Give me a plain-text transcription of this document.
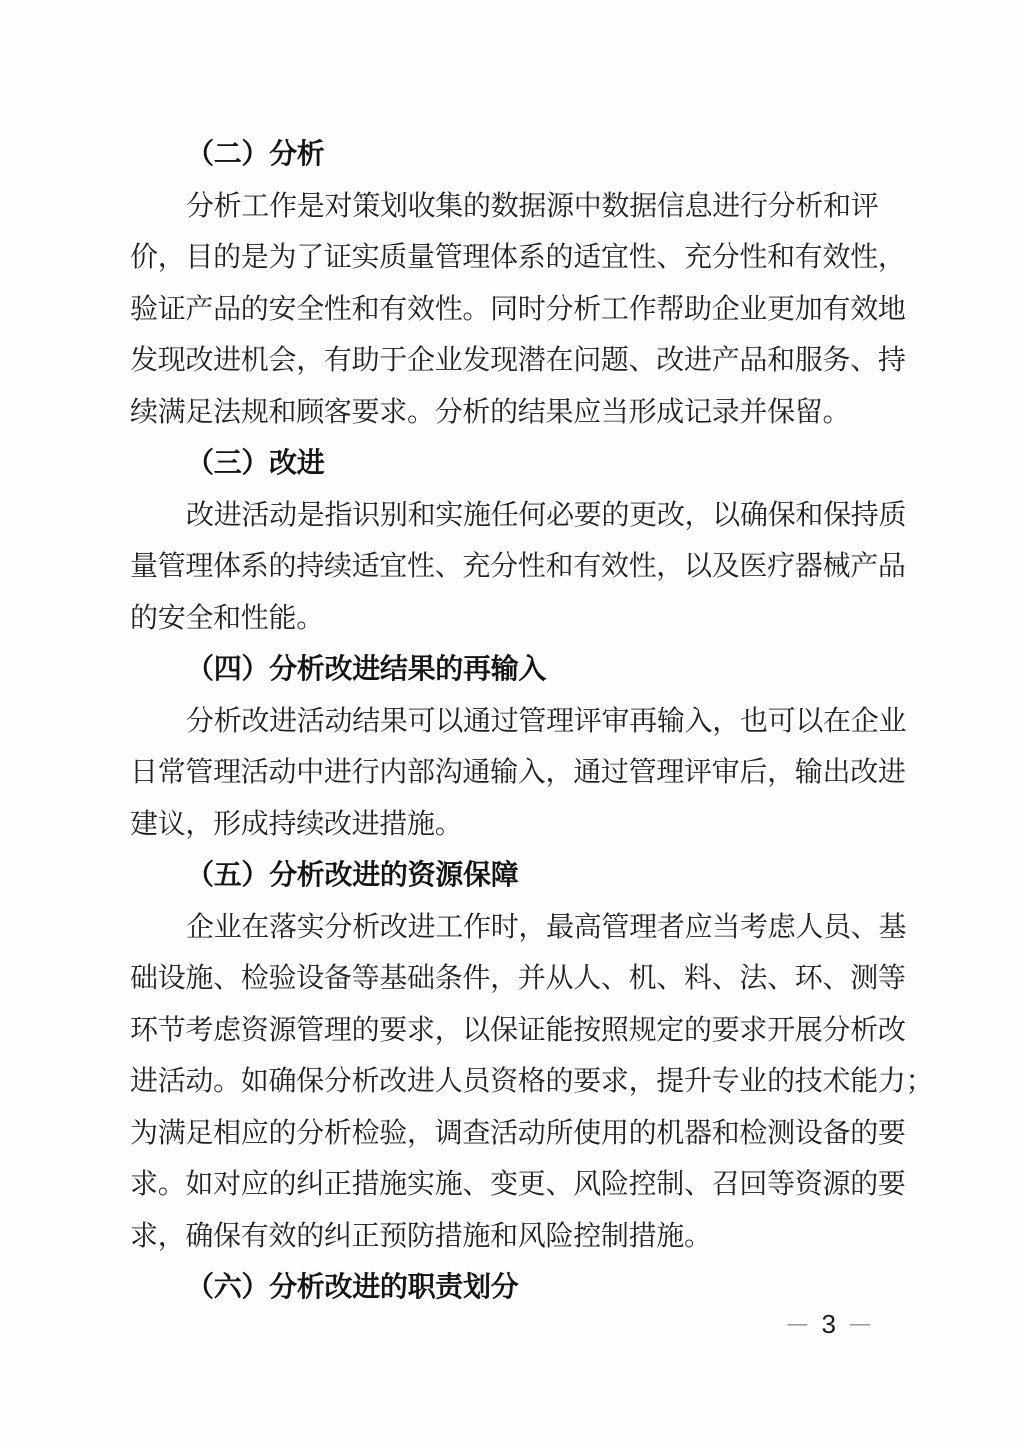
（二）分析
分析工作是对策划收集的数据源中数据信息进行分析和评
价，目的是为了证实质量管理体系的适宜性、充分性和有效性，
验证产品的安全性和有效性。同时分析工作帮助企业更加有效地
发现改进机会，有助于企业发现潜在问题、改进产品和服务、持
续满足法规和顾客要求。分析的结果应当形成记录并保留。
（三）改进
改进活动是指识别和实施任何必要的更改，以确保和保持质
量管理体系的持续适宜性、充分性和有效性，以及医疗器械产品
的安全和性能。
（四）分析改进结果的再输入
分析改进活动结果可以通过管理评审再输入，也可以在企业
日常管理活动中进行内部沟通输入，通过管理评审后，输出改进
建议，形成持续改进措施。
（五）分析改进的资源保障
企业在落实分析改进工作时，最高管理者应当考虑人员、基
础设施、检验设备等基础条件，并从人、机、料、法、环、测等
环节考虑资源管理的要求，以保证能按照规定的要求开展分析改
进活动。如确保分析改进人员资格的要求，提升专业的技术能力；
为满足相应的分析检验，调查活动所使用的机器和检测设备的要
求。如对应的纠正措施实施、变更、风险控制、召回等资源的要
求，确保有效的纠正预防措施和风险控制措施。
（六）分析改进的职责划分
— 3 —
